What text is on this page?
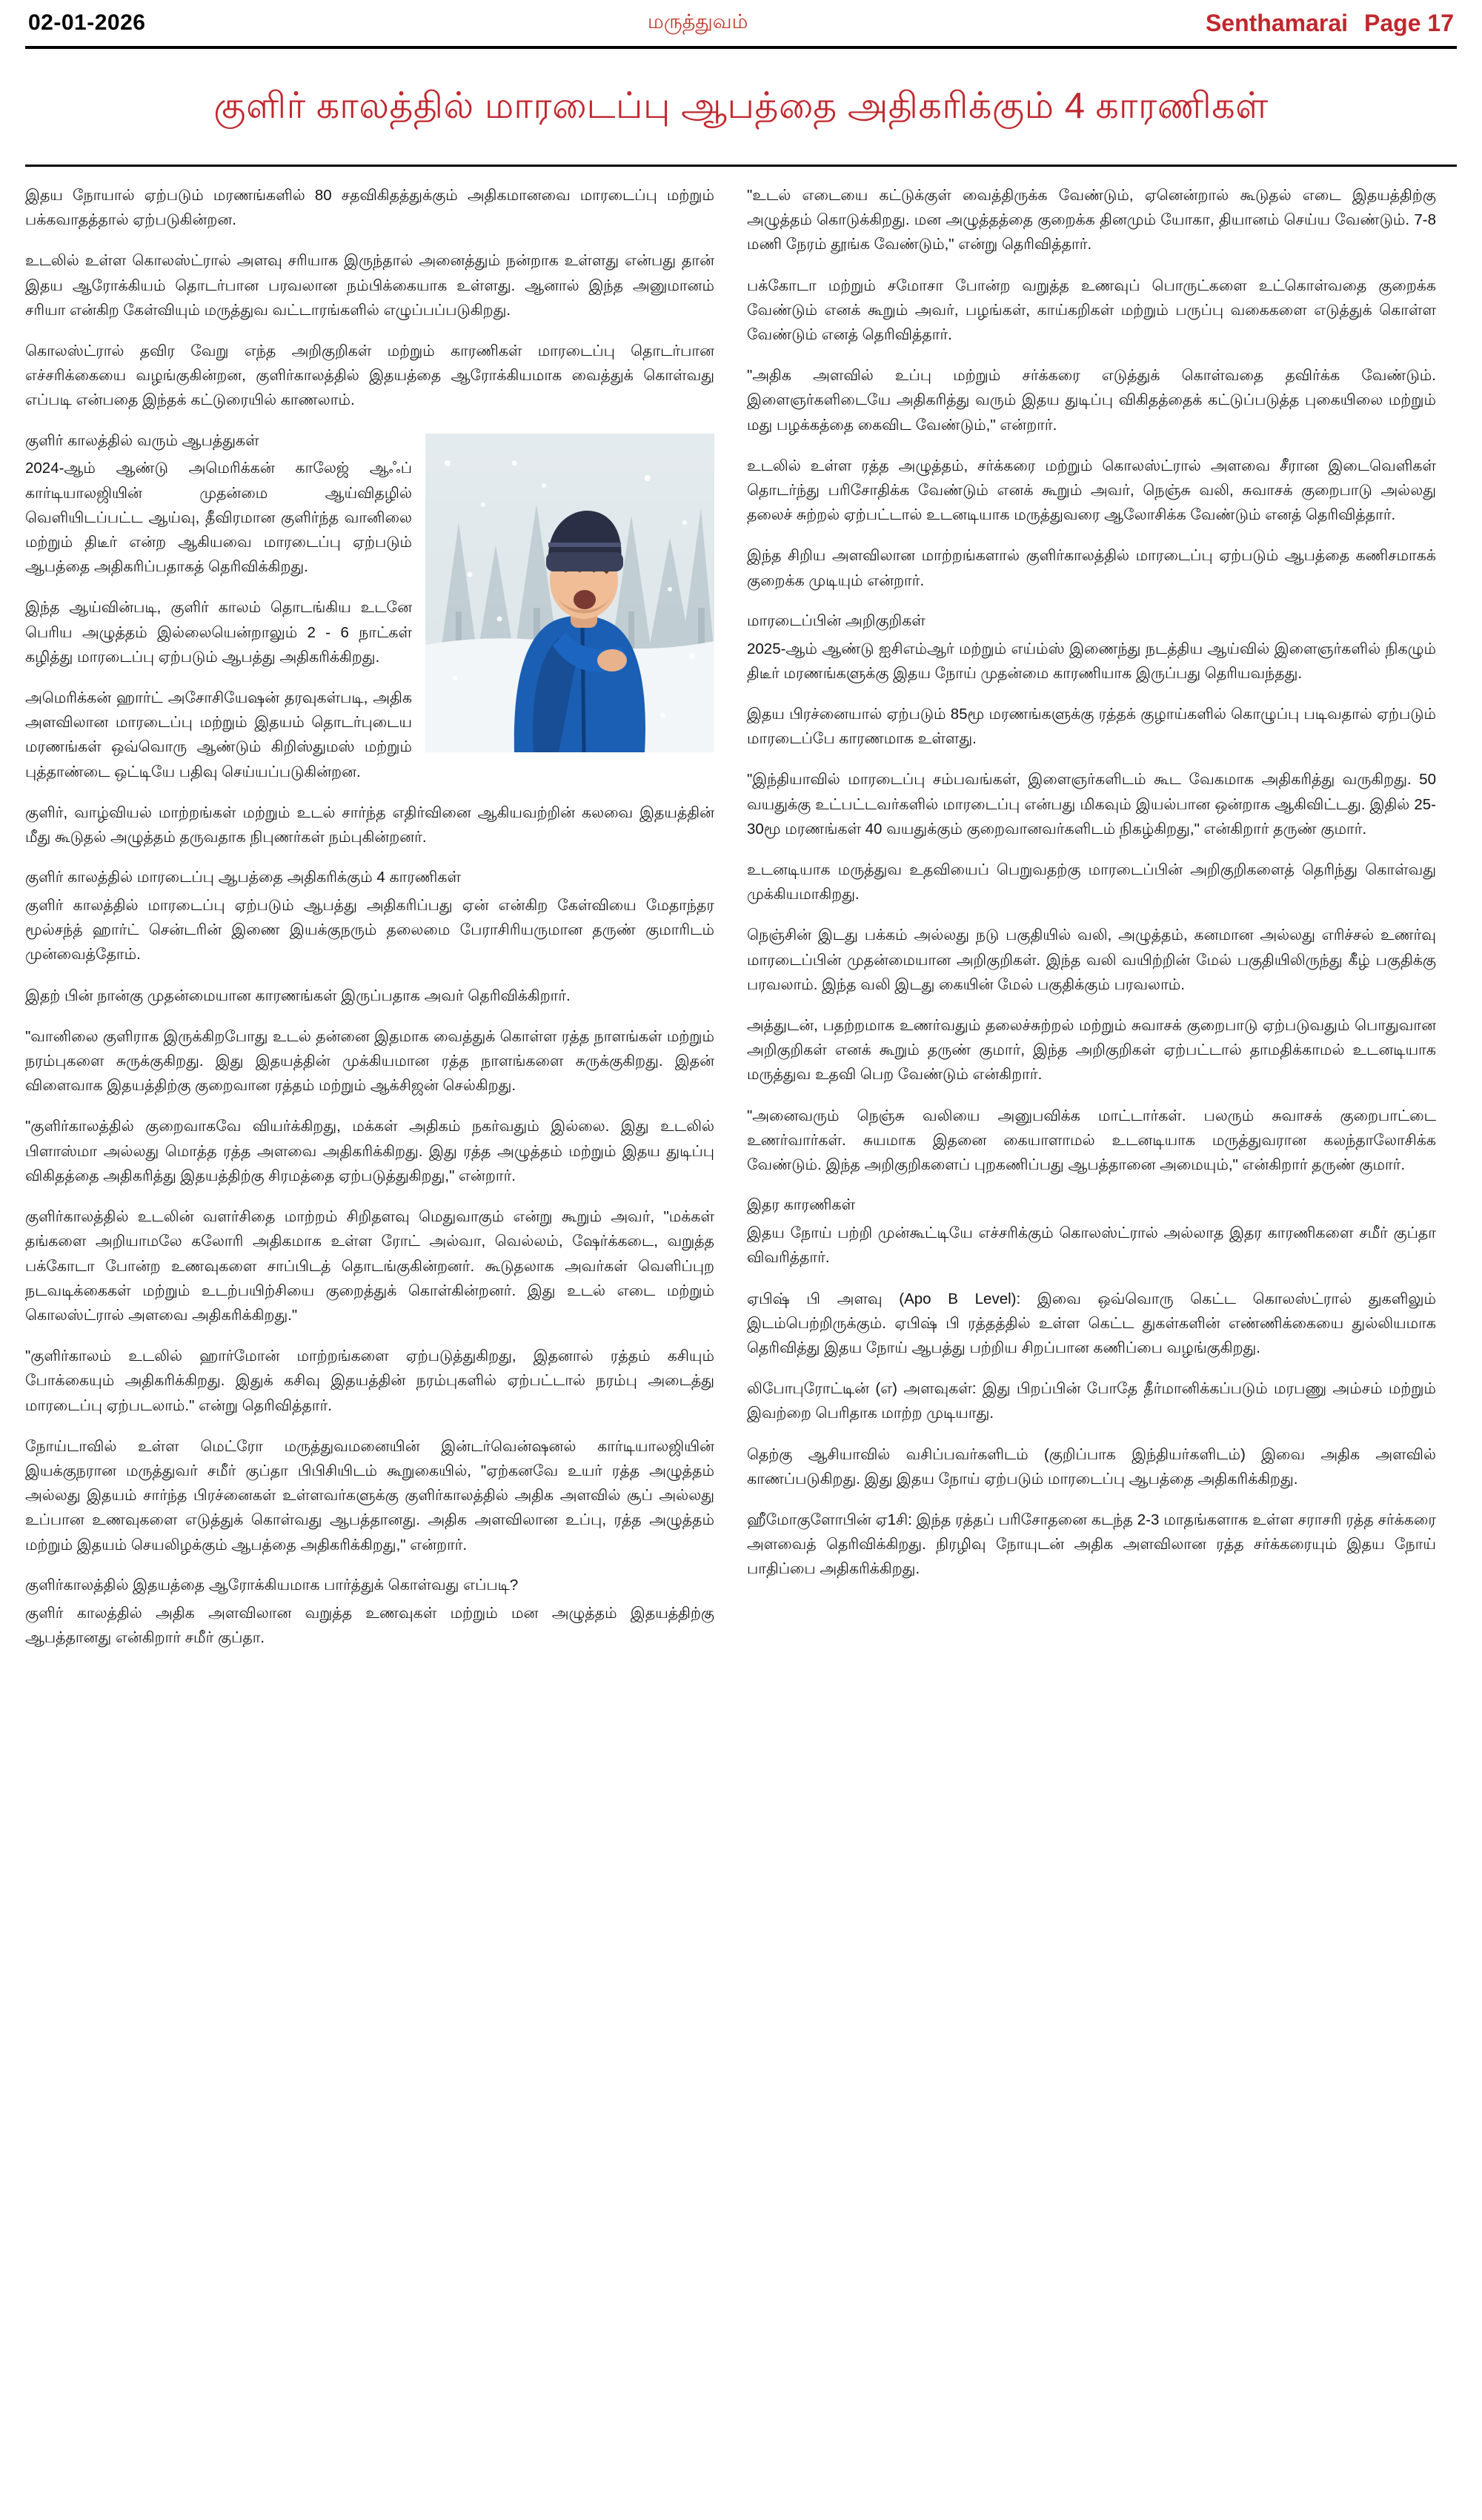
02-01-2026	மருத்துவம்	Senthamarai Page 17
குளிர் காலத்தில் மாரடைப்பு ஆபத்தை அதிகரிக்கும் 4 காரணிகள்

இதய நோயால் ஏற்படும் மரணங்களில் 80 சதவிகிதத்துக்கும் அதிகமானவை மாரடைப்பு மற்றும் பக்கவாதத்தால் ஏற்படுகின்றன.

உடலில் உள்ள கொலஸ்ட்ரால் அளவு சரியாக இருந்தால் அனைத்தும் நன்றாக உள்ளது என்பது தான் இதய ஆரோக்கியம் தொடர்பான பரவலான நம்பிக்கையாக உள்ளது. ஆனால் இந்த அனுமானம் சரியா என்கிற கேள்வியும் மருத்துவ வட்டாரங்களில் எழுப்பப்படுகிறது.

கொலஸ்ட்ரால் தவிர வேறு எந்த அறிகுறிகள் மற்றும் காரணிகள் மாரடைப்பு தொடர்பான எச்சரிக்கையை வழங்குகின்றன, குளிர்காலத்தில் இதயத்தை ஆரோக்கியமாக வைத்துக் கொள்வது எப்படி என்பதை இந்தக் கட்டுரையில் காணலாம்.

குளிர் காலத்தில் வரும் ஆபத்துகள்

2024-ஆம் ஆண்டு அமெரிக்கன் காலேஜ் ஆஃப் கார்டியாலஜியின் முதன்மை ஆய்விதழில் வெளியிடப்பட்ட ஆய்வு, தீவிரமான குளிர்ந்த வானிலை மற்றும் திடீர் என்ற ஆகியவை மாரடைப்பு ஏற்படும் ஆபத்தை அதிகரிப்பதாகத் தெரிவிக்கிறது.

இந்த ஆய்வின்படி, குளிர் காலம் தொடங்கிய உடனே பெரிய அழுத்தம் இல்லையென்றாலும் 2 - 6 நாட்கள் கழித்து மாரடைப்பு ஏற்படும் ஆபத்து அதிகரிக்கிறது.

அமெரிக்கன் ஹார்ட் அசோசியேஷன் தரவுகள்படி, அதிக அளவிலான மாரடைப்பு மற்றும் இதயம் தொடர்புடைய மரணங்கள் ஒவ்வொரு ஆண்டும் கிறிஸ்துமஸ் மற்றும் புத்தாண்டை ஒட்டியே பதிவு செய்யப்படுகின்றன.

குளிர், வாழ்வியல் மாற்றங்கள் மற்றும் உடல் சார்ந்த எதிர்வினை ஆகியவற்றின் கலவை இதயத்தின் மீது கூடுதல் அழுத்தம் தருவதாக நிபுணர்கள் நம்புகின்றனர்.

குளிர் காலத்தில் மாரடைப்பு ஆபத்தை அதிகரிக்கும் 4 காரணிகள்

குளிர் காலத்தில் மாரடைப்பு ஏற்படும் ஆபத்து அதிகரிப்பது ஏன் என்கிற கேள்வியை மேதாந்தர மூல்சந்த் ஹார்ட் சென்டரின் இணை இயக்குநரும் தலைமை பேராசிரியருமான தருண் குமாரிடம் முன்வைத்தோம்.

இதற் பின் நான்கு முதன்மையான காரணங்கள் இருப்பதாக அவர் தெரிவிக்கிறார்.

"வானிலை குளிராக இருக்கிறபோது உடல் தன்னை இதமாக வைத்துக் கொள்ள ரத்த நாளங்கள் மற்றும் நரம்புகளை சுருக்குகிறது. இது இதயத்தின் முக்கியமான ரத்த நாளங்களை சுருக்குகிறது. இதன் விளைவாக இதயத்திற்கு குறைவான ரத்தம் மற்றும் ஆக்சிஜன் செல்கிறது.

"குளிர்காலத்தில் குறைவாகவே வியர்க்கிறது, மக்கள் அதிகம் நகர்வதும் இல்லை. இது உடலில் பிளாஸ்மா அல்லது மொத்த ரத்த அளவை அதிகரிக்கிறது. இது ரத்த அழுத்தம் மற்றும் இதய துடிப்பு விகிதத்தை அதிகரித்து இதயத்திற்கு சிரமத்தை ஏற்படுத்துகிறது," என்றார்.

குளிர்காலத்தில் உடலின் வளர்சிதை மாற்றம் சிறிதளவு மெதுவாகும் என்று கூறும் அவர், "மக்கள் தங்களை அறியாமலே கலோரி அதிகமாக உள்ள ரோட் அல்வா, வெல்லம், ஷேர்க்கடை, வறுத்த பக்கோடா போன்ற உணவுகளை சாப்பிடத் தொடங்குகின்றனர். கூடுதலாக அவர்கள் வெளிப்புற நடவடிக்கைகள் மற்றும் உடற்பயிற்சியை குறைத்துக் கொள்கின்றனர். இது உடல் எடை மற்றும் கொலஸ்ட்ரால் அளவை அதிகரிக்கிறது."

"குளிர்காலம் உடலில் ஹார்மோன் மாற்றங்களை ஏற்படுத்துகிறது, இதனால் ரத்தம் கசியும் போக்கையும் அதிகரிக்கிறது. இதுக் கசிவு இதயத்தின் நரம்புகளில் ஏற்பட்டால் நரம்பு அடைத்து மாரடைப்பு ஏற்படலாம்." என்று தெரிவித்தார்.

நோய்டாவில் உள்ள மெட்ரோ மருத்துவமனையின் இன்டர்வென்ஷனல் கார்டியாலஜியின் இயக்குநரான மருத்துவர் சமீர் குப்தா பிபிசியிடம் கூறுகையில், "ஏற்கனவே உயர் ரத்த அழுத்தம் அல்லது இதயம் சார்ந்த பிரச்னைகள் உள்ளவர்களுக்கு குளிர்காலத்தில் அதிக அளவில் சூப் அல்லது உப்பான உணவுகளை எடுத்துக் கொள்வது ஆபத்தானது. அதிக அளவிலான உப்பு, ரத்த அழுத்தம் மற்றும் இதயம் செயலிழக்கும் ஆபத்தை அதிகரிக்கிறது," என்றார்.

குளிர்காலத்தில் இதயத்தை ஆரோக்கியமாக பார்த்துக் கொள்வது எப்படி?

குளிர் காலத்தில் அதிக அளவிலான வறுத்த உணவுகள் மற்றும் மன அழுத்தம் இதயத்திற்கு ஆபத்தானது என்கிறார் சமீர் குப்தா.

"உடல் எடையை கட்டுக்குள் வைத்திருக்க வேண்டும், ஏனென்றால் கூடுதல் எடை இதயத்திற்கு அழுத்தம் கொடுக்கிறது. மன அழுத்தத்தை குறைக்க தினமும் யோகா, தியானம் செய்ய வேண்டும். 7-8 மணி நேரம் தூங்க வேண்டும்," என்று தெரிவித்தார்.

பக்கோடா மற்றும் சமோசா போன்ற வறுத்த உணவுப் பொருட்களை உட்கொள்வதை குறைக்க வேண்டும் எனக் கூறும் அவர், பழங்கள், காய்கறிகள் மற்றும் பருப்பு வகைகளை எடுத்துக் கொள்ள வேண்டும் எனத் தெரிவித்தார்.

"அதிக அளவில் உப்பு மற்றும் சர்க்கரை எடுத்துக் கொள்வதை தவிர்க்க வேண்டும். இளைஞர்களிடையே அதிகரித்து வரும் இதய துடிப்பு விகிதத்தைக் கட்டுப்படுத்த புகையிலை மற்றும் மது பழக்கத்தை கைவிட வேண்டும்," என்றார்.

உடலில் உள்ள ரத்த அழுத்தம், சர்க்கரை மற்றும் கொலஸ்ட்ரால் அளவை சீரான இடைவெளிகள் தொடர்ந்து பரிசோதிக்க வேண்டும் எனக் கூறும் அவர், நெஞ்சு வலி, சுவாசக் குறைபாடு அல்லது தலைச் சுற்றல் ஏற்பட்டால் உடனடியாக மருத்துவரை ஆலோசிக்க வேண்டும் எனத் தெரிவித்தார்.

இந்த சிறிய அளவிலான மாற்றங்களால் குளிர்காலத்தில் மாரடைப்பு ஏற்படும் ஆபத்தை கணிசமாகக் குறைக்க முடியும் என்றார்.

மாரடைப்பின் அறிகுறிகள்

2025-ஆம் ஆண்டு ஐசிஎம்ஆர் மற்றும் எய்ம்ஸ் இணைந்து நடத்திய ஆய்வில் இளைஞர்களில் நிகழும் திடீர் மரணங்களுக்கு இதய நோய் முதன்மை காரணியாக இருப்பது தெரியவந்தது.

இதய பிரச்னையால் ஏற்படும் 85மூ மரணங்களுக்கு ரத்தக் குழாய்களில் கொழுப்பு படிவதால் ஏற்படும் மாரடைப்பே காரணமாக உள்ளது.

"இந்தியாவில் மாரடைப்பு சம்பவங்கள், இளைஞர்களிடம் கூட வேகமாக அதிகரித்து வருகிறது. 50 வயதுக்கு உட்பட்டவர்களில் மாரடைப்பு என்பது மிகவும் இயல்பான ஒன்றாக ஆகிவிட்டது. இதில் 25-30மூ மரணங்கள் 40 வயதுக்கும் குறைவானவர்களிடம் நிகழ்கிறது," என்கிறார் தருண் குமார்.

உடனடியாக மருத்துவ உதவியைப் பெறுவதற்கு மாரடைப்பின் அறிகுறிகளைத் தெரிந்து கொள்வது முக்கியமாகிறது.

நெஞ்சின் இடது பக்கம் அல்லது நடு பகுதியில் வலி, அழுத்தம், கனமான அல்லது எரிச்சல் உணர்வு மாரடைப்பின் முதன்மையான அறிகுறிகள். இந்த வலி வயிற்றின் மேல் பகுதியிலிருந்து கீழ் பகுதிக்கு பரவலாம். இந்த வலி இடது கையின் மேல் பகுதிக்கும் பரவலாம்.

அத்துடன், பதற்றமாக உணர்வதும் தலைச்சுற்றல் மற்றும் சுவாசக் குறைபாடு ஏற்படுவதும் பொதுவான அறிகுறிகள் எனக் கூறும் தருண் குமார், இந்த அறிகுறிகள் ஏற்பட்டால் தாமதிக்காமல் உடனடியாக மருத்துவ உதவி பெற வேண்டும் என்கிறார்.

"அனைவரும் நெஞ்சு வலியை அனுபவிக்க மாட்டார்கள். பலரும் சுவாசக் குறைபாட்டை உணர்வார்கள். சுயமாக இதனை கையாளாமல் உடனடியாக மருத்துவரான கலந்தாலோசிக்க வேண்டும். இந்த அறிகுறிகளைப் புறகணிப்பது ஆபத்தானை அமையும்," என்கிறார் தருண் குமார்.

இதர காரணிகள்

இதய நோய் பற்றி முன்கூட்டியே எச்சரிக்கும் கொலஸ்ட்ரால் அல்லாத இதர காரணிகளை சமீர் குப்தா விவரித்தார்.

ஏபிஷ் பி அளவு (Apo B Level): இவை ஒவ்வொரு கெட்ட கொலஸ்ட்ரால் துகளிலும் இடம்பெற்றிருக்கும். ஏபிஷ் பி ரத்தத்தில் உள்ள கெட்ட துகள்களின் எண்ணிக்கையை துல்லியமாக தெரிவித்து இதய நோய் ஆபத்து பற்றிய சிறப்பான கணிப்பை வழங்குகிறது.

லிபோபுரோட்டின் (எ) அளவுகள்: இது பிறப்பின் போதே தீர்மானிக்கப்படும் மரபணு அம்சம் மற்றும் இவற்றை பெரிதாக மாற்ற முடியாது.

தெற்கு ஆசியாவில் வசிப்பவர்களிடம் (குறிப்பாக இந்தியர்களிடம்) இவை அதிக அளவில் காணப்படுகிறது. இது இதய நோய் ஏற்படும் மாரடைப்பு ஆபத்தை அதிகரிக்கிறது.

ஹீமோகுளோபின் ஏ1சி: இந்த ரத்தப் பரிசோதனை கடந்த 2-3 மாதங்களாக உள்ள சராசரி ரத்த சர்க்கரை அளவைத் தெரிவிக்கிறது. நிரழிவு நோயுடன் அதிக அளவிலான ரத்த சர்க்கரையும் இதய நோய் பாதிப்பை அதிகரிக்கிறது.
